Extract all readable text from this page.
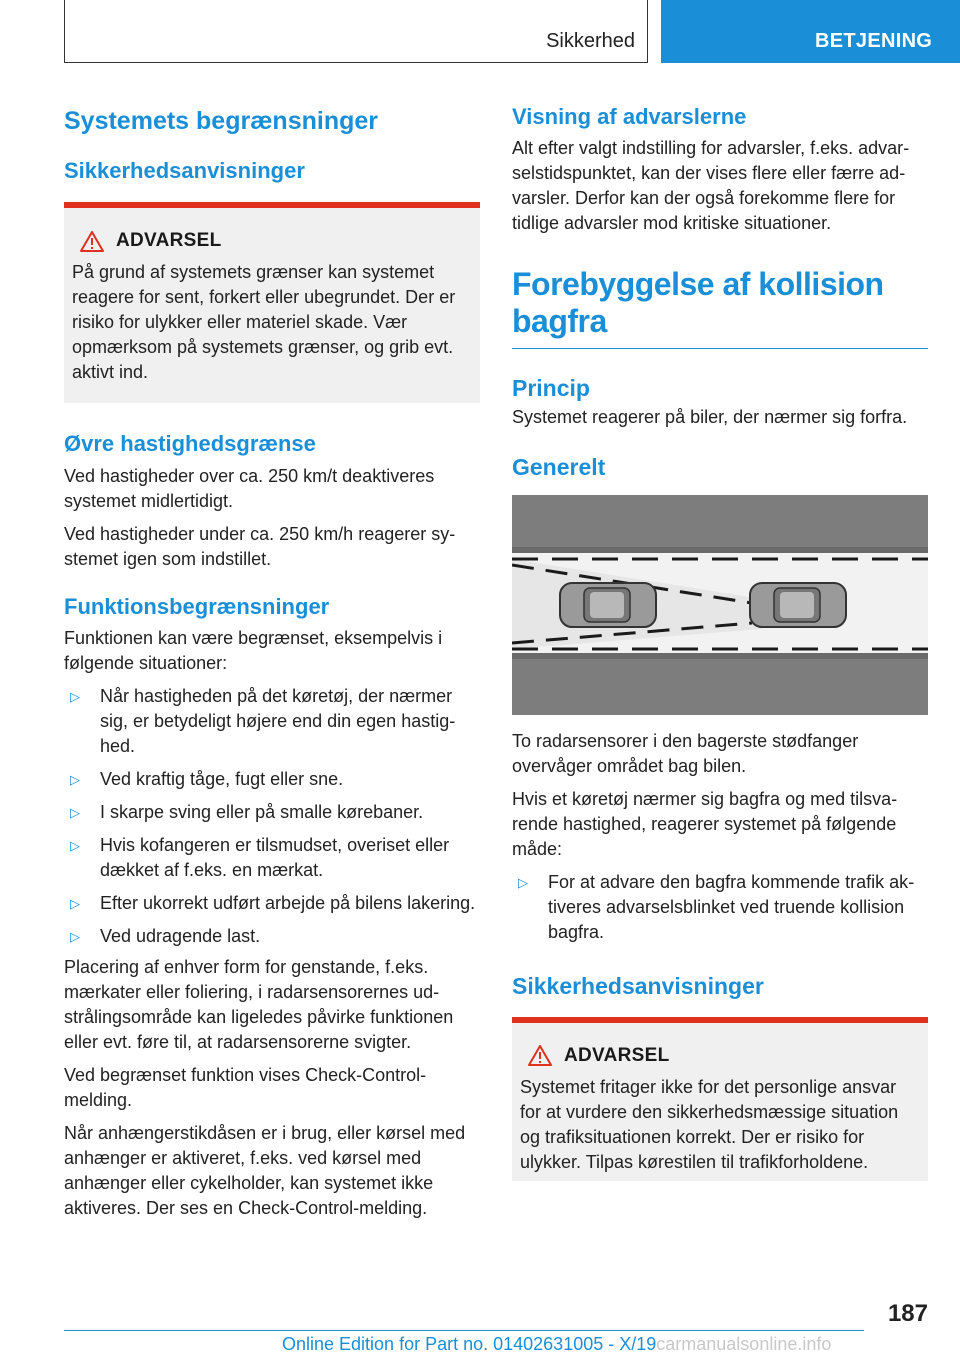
Sikkerhed	BETJENING
Systemets begrænsninger
Sikkerhedsanvisninger
ADVARSEL

På grund af systemets grænser kan systemet reagere for sent, forkert eller ubegrundet. Der er risiko for ulykker eller materiel skade. Vær opmærksom på systemets grænser, og grib evt. aktivt ind.

Øvre hastighedsgrænse

Ved hastigheder over ca. 250 km/t deaktiveres systemet midlertidigt.

Ved hastigheder under ca. 250 km/h reagerer systemet igen som indstillet.

Funktionsbegrænsninger

Funktionen kan være begrænset, eksempelvis i følgende situationer:

▷	Når hastigheden på det køretøj, der nærmer sig, er betydeligt højere end din egen hastighed.
▷	Ved kraftig tåge, fugt eller sne.
▷	I skarpe sving eller på smalle kørebaner.
▷	Hvis kofangeren er tilsmudset, overiset eller dækket af f.eks. en mærkat.
▷	Efter ukorrekt udført arbejde på bilens lakering.
▷	Ved udragende last.

Placering af enhver form for genstande, f.eks. mærkater eller foliering, i radarsensorernes udstrålingsområde kan ligeledes påvirke funktionen eller evt. føre til, at radarsensorerne svigter.

Ved begrænset funktion vises Check-Control-melding.

Når anhængerstikdåsen er i brug, eller kørsel med anhænger er aktiveret, f.eks. ved kørsel med anhænger eller cykelholder, kan systemet ikke aktiveres. Der ses en Check-Control-melding.

Visning af advarslerne

Alt efter valgt indstilling for advarsler, f.eks. advarselstidspunktet, kan der vises flere eller færre advarsler. Derfor kan der også forekomme flere for tidlige advarsler mod kritiske situationer.

Forebyggelse af kollision bagfra
Princip

Systemet reagerer på biler, der nærmer sig forfra.

Generelt

To radarsensorer i den bagerste stødfanger overvåger området bag bilen.

Hvis et køretøj nærmer sig bagfra og med tilsvarende hastighed, reagerer systemet på følgende måde:

▷	For at advare den bagfra kommende trafik aktiveres advarselsblinket ved truende kollision bagfra.
Sikkerhedsanvisninger
ADVARSEL

Systemet fritager ikke for det personlige ansvar for at vurdere den sikkerhedsmæssige situation og trafiksituationen korrekt. Der er risiko for ulykker. Tilpas kørestilen til trafikforholdene.

187
Online Edition for Part no. 01402631005 - X/19carmanualsonline.info
